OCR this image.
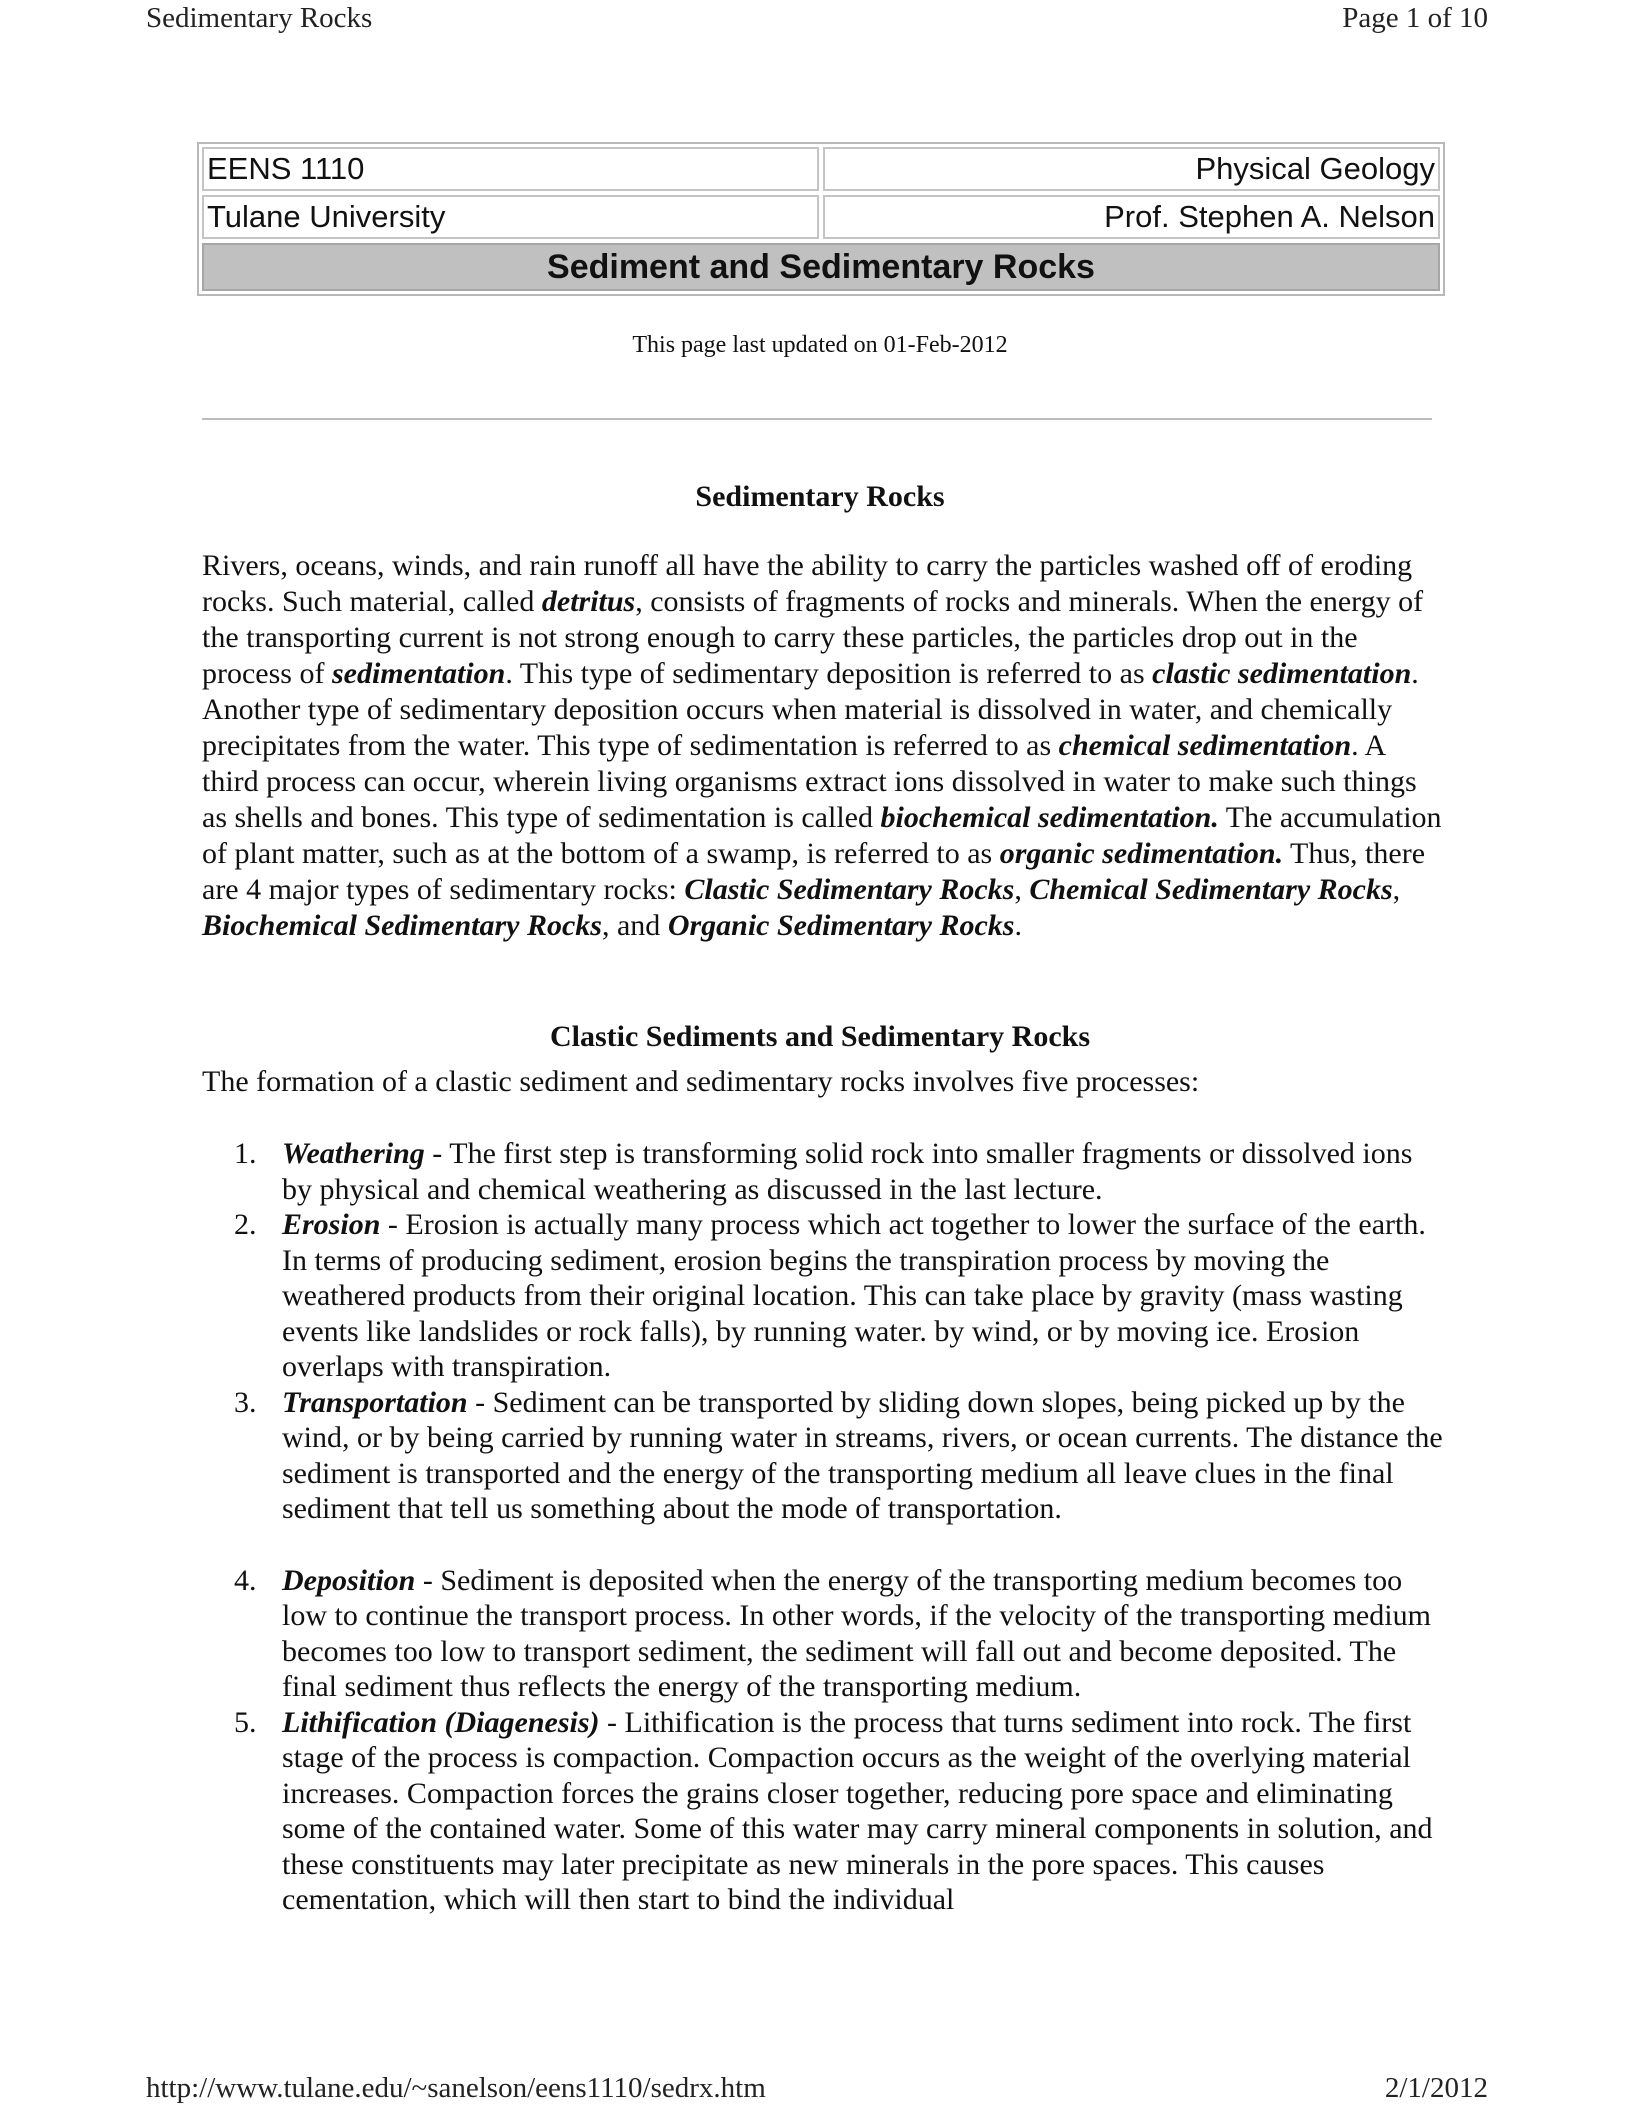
Sedimentary Rocks	Page 1 of 10
EENS 1110	Physical Geology
Tulane University	Prof. Stephen A. Nelson
Sediment and Sedimentary Rocks
This page last updated on 01-Feb-2012
Sedimentary Rocks

Rivers, oceans, winds, and rain runoff all have the ability to carry the particles washed off of eroding rocks. Such material, called detritus, consists of fragments of rocks and minerals. When the energy of the transporting current is not strong enough to carry these particles, the particles drop out in the process of sedimentation. This type of sedimentary deposition is referred to as clastic sedimentation. Another type of sedimentary deposition occurs when material is dissolved in water, and chemically precipitates from the water. This type of sedimentation is referred to as chemical sedimentation. A third process can occur, wherein living organisms extract ions dissolved in water to make such things as shells and bones. This type of sedimentation is called biochemical sedimentation. The accumulation of plant matter, such as at the bottom of a swamp, is referred to as organic sedimentation. Thus, there are 4 major types of sedimentary rocks: Clastic Sedimentary Rocks, Chemical Sedimentary Rocks, Biochemical Sedimentary Rocks, and Organic Sedimentary Rocks.

Clastic Sediments and Sedimentary Rocks

The formation of a clastic sediment and sedimentary rocks involves five processes:

1. Weathering - The first step is transforming solid rock into smaller fragments or dissolved ions by physical and chemical weathering as discussed in the last lecture.
2. Erosion - Erosion is actually many process which act together to lower the surface of the earth. In terms of producing sediment, erosion begins the transpiration process by moving the weathered products from their original location. This can take place by gravity (mass wasting events like landslides or rock falls), by running water. by wind, or by moving ice. Erosion overlaps with transpiration.
3. Transportation - Sediment can be transported by sliding down slopes, being picked up by the wind, or by being carried by running water in streams, rivers, or ocean currents. The distance the sediment is transported and the energy of the transporting medium all leave clues in the final sediment that tell us something about the mode of transportation.
4. Deposition - Sediment is deposited when the energy of the transporting medium becomes too low to continue the transport process. In other words, if the velocity of the transporting medium becomes too low to transport sediment, the sediment will fall out and become deposited. The final sediment thus reflects the energy of the transporting medium.
5. Lithification (Diagenesis) - Lithification is the process that turns sediment into rock. The first stage of the process is compaction. Compaction occurs as the weight of the overlying material increases. Compaction forces the grains closer together, reducing pore space and eliminating some of the contained water. Some of this water may carry mineral components in solution, and these constituents may later precipitate as new minerals in the pore spaces. This causes cementation, which will then start to bind the individual
http://www.tulane.edu/~sanelson/eens1110/sedrx.htm	2/1/2012
